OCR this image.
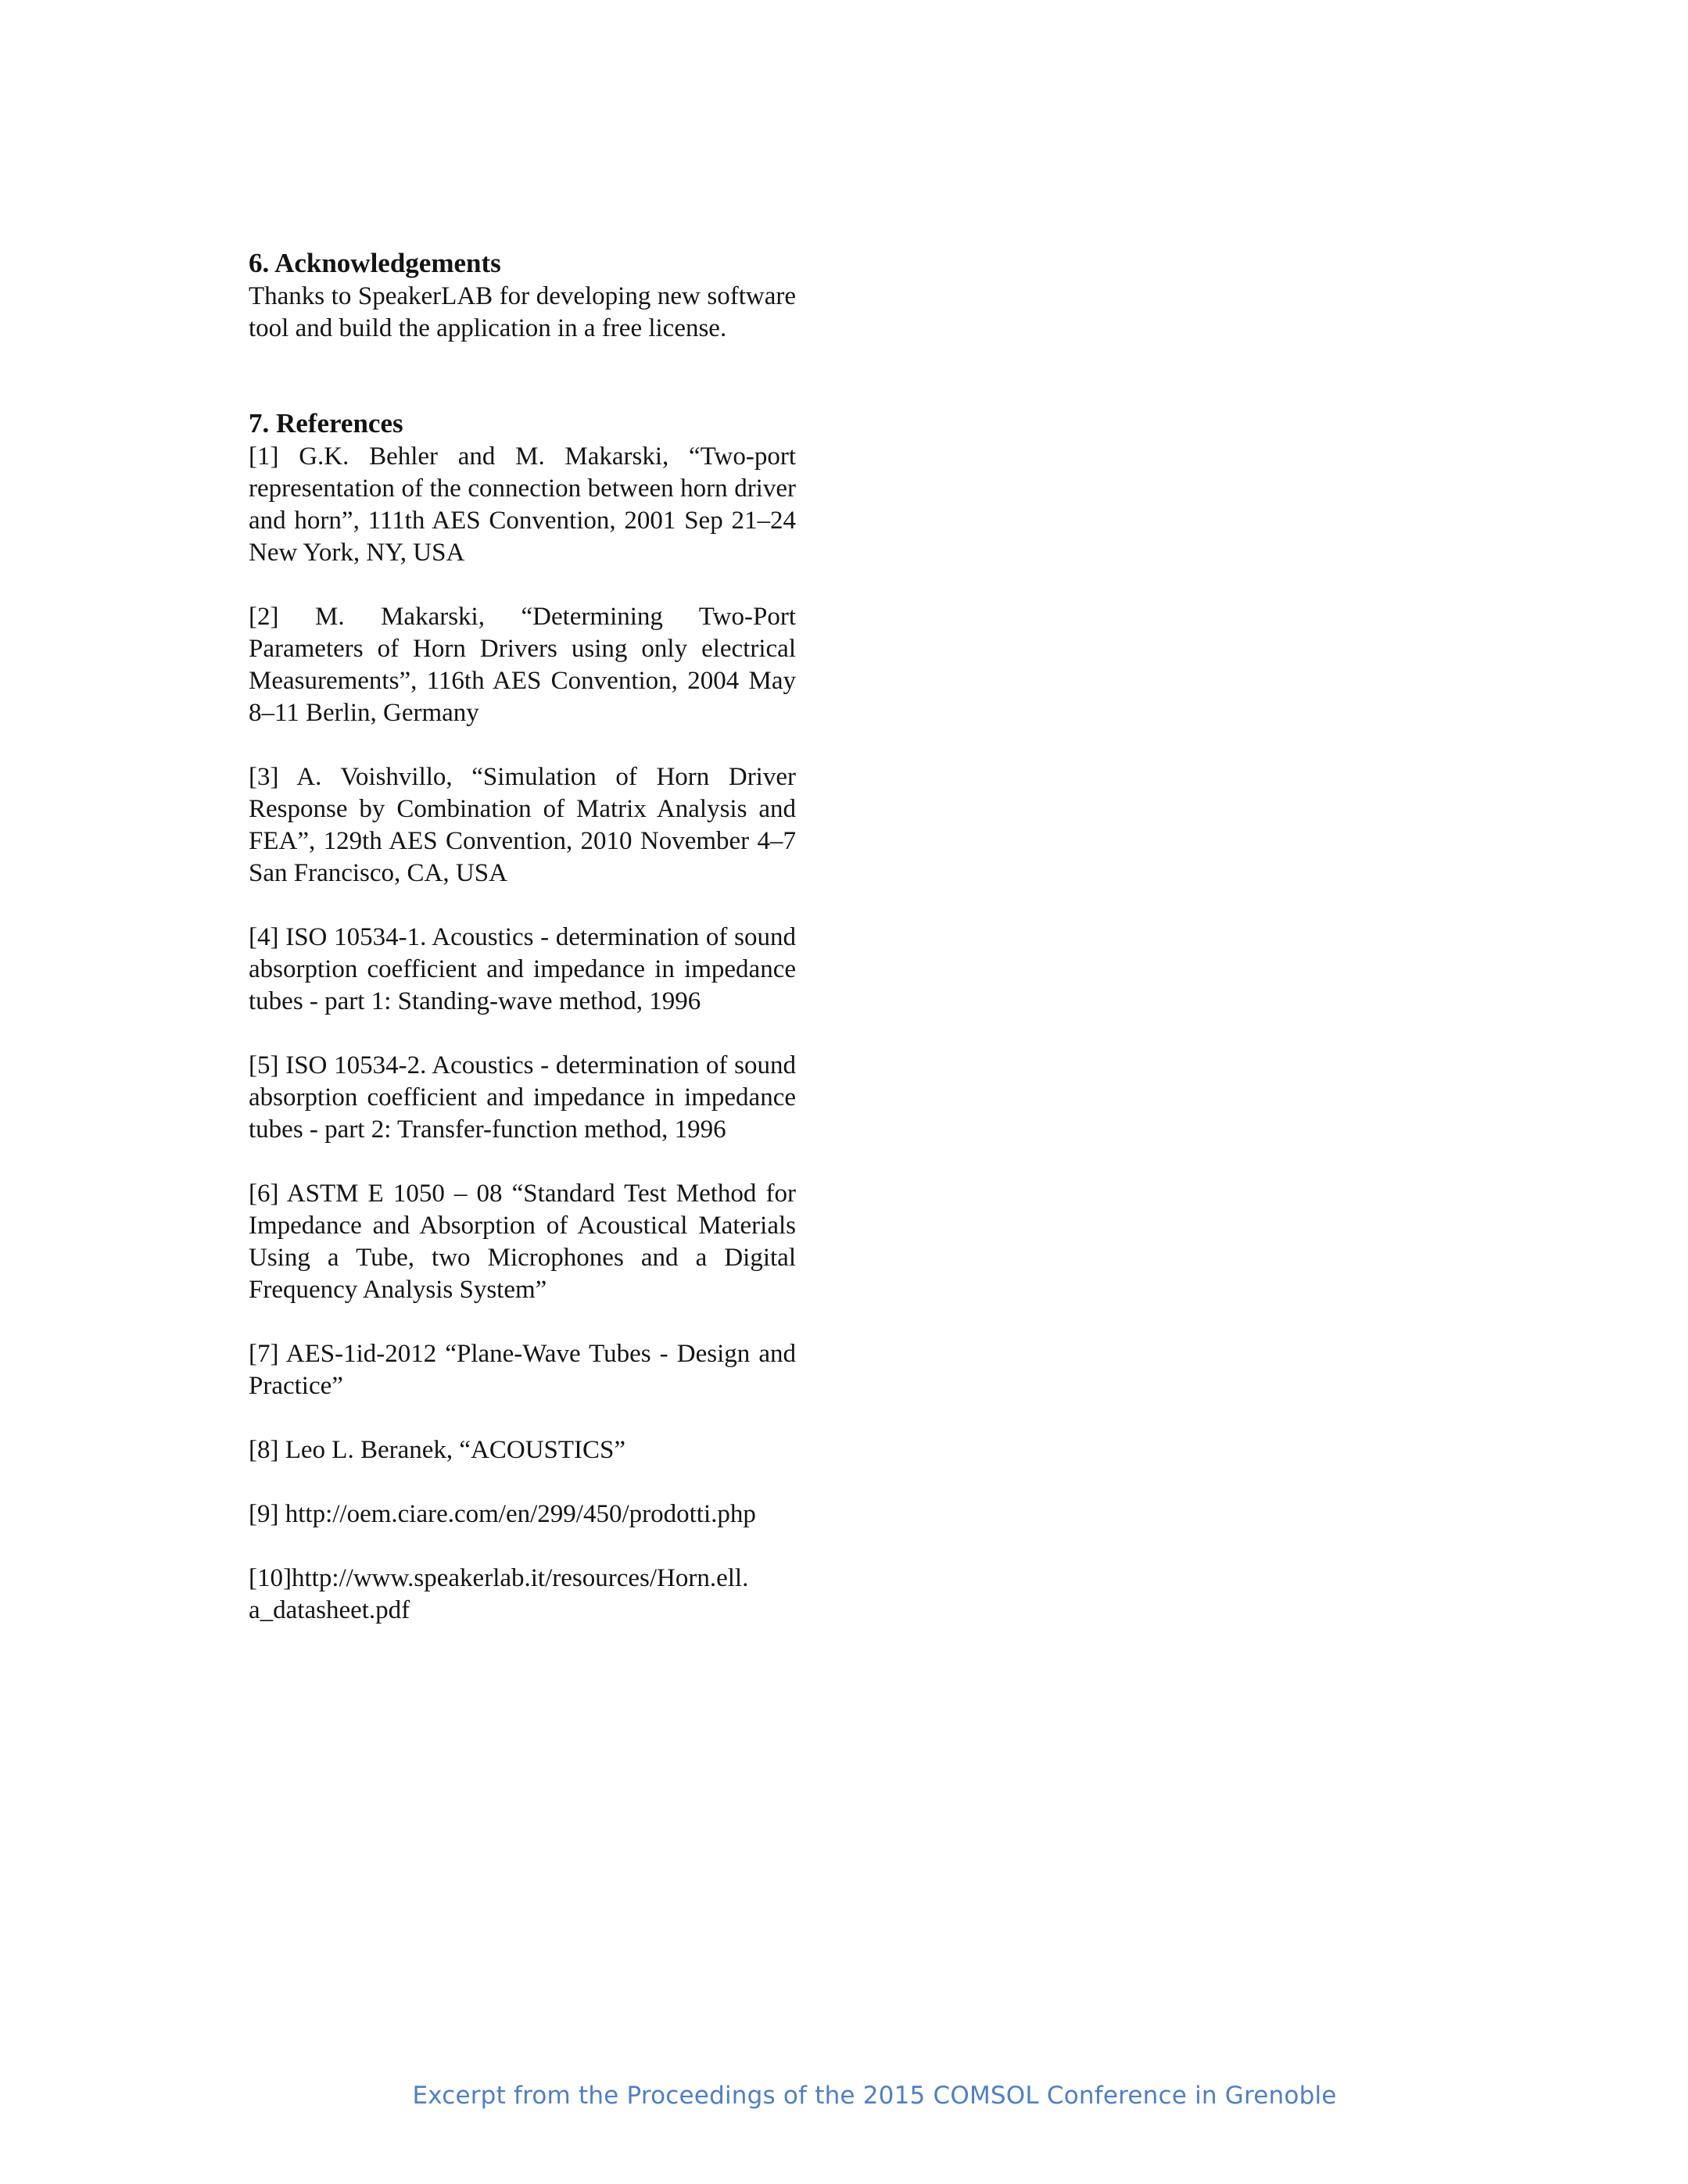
6. Acknowledgements

Thanks to SpeakerLAB for developing new software tool and build the application in a free license.

7. References

[1] G.K. Behler and M. Makarski, “Two-port representation of the connection between horn driver and horn”, 111th AES Convention, 2001 Sep 21–24 New York, NY, USA

[2] M. Makarski, “Determining Two-Port Parameters of Horn Drivers using only electrical Measurements”, 116th AES Convention, 2004 May 8–11 Berlin, Germany

[3] A. Voishvillo, “Simulation of Horn Driver Response by Combination of Matrix Analysis and FEA”, 129th AES Convention, 2010 November 4–7 San Francisco, CA, USA

[4] ISO 10534-1. Acoustics - determination of sound absorption coefficient and impedance in impedance tubes - part 1: Standing-wave method, 1996

[5] ISO 10534-2. Acoustics - determination of sound absorption coefficient and impedance in impedance tubes - part 2: Transfer-function method, 1996

[6] ASTM E 1050 – 08 “Standard Test Method for Impedance and Absorption of Acoustical Materials Using a Tube, two Microphones and a Digital Frequency Analysis System”

[7] AES-1id-2012 “Plane-Wave Tubes - Design and Practice”

[8] Leo L. Beranek, “ACOUSTICS”

[9] http://oem.ciare.com/en/299/450/prodotti.php

[10]http://www.speakerlab.it/resources/Horn.ell.
a_datasheet.pdf

Excerpt from the Proceedings of the 2015 COMSOL Conference in Grenoble
